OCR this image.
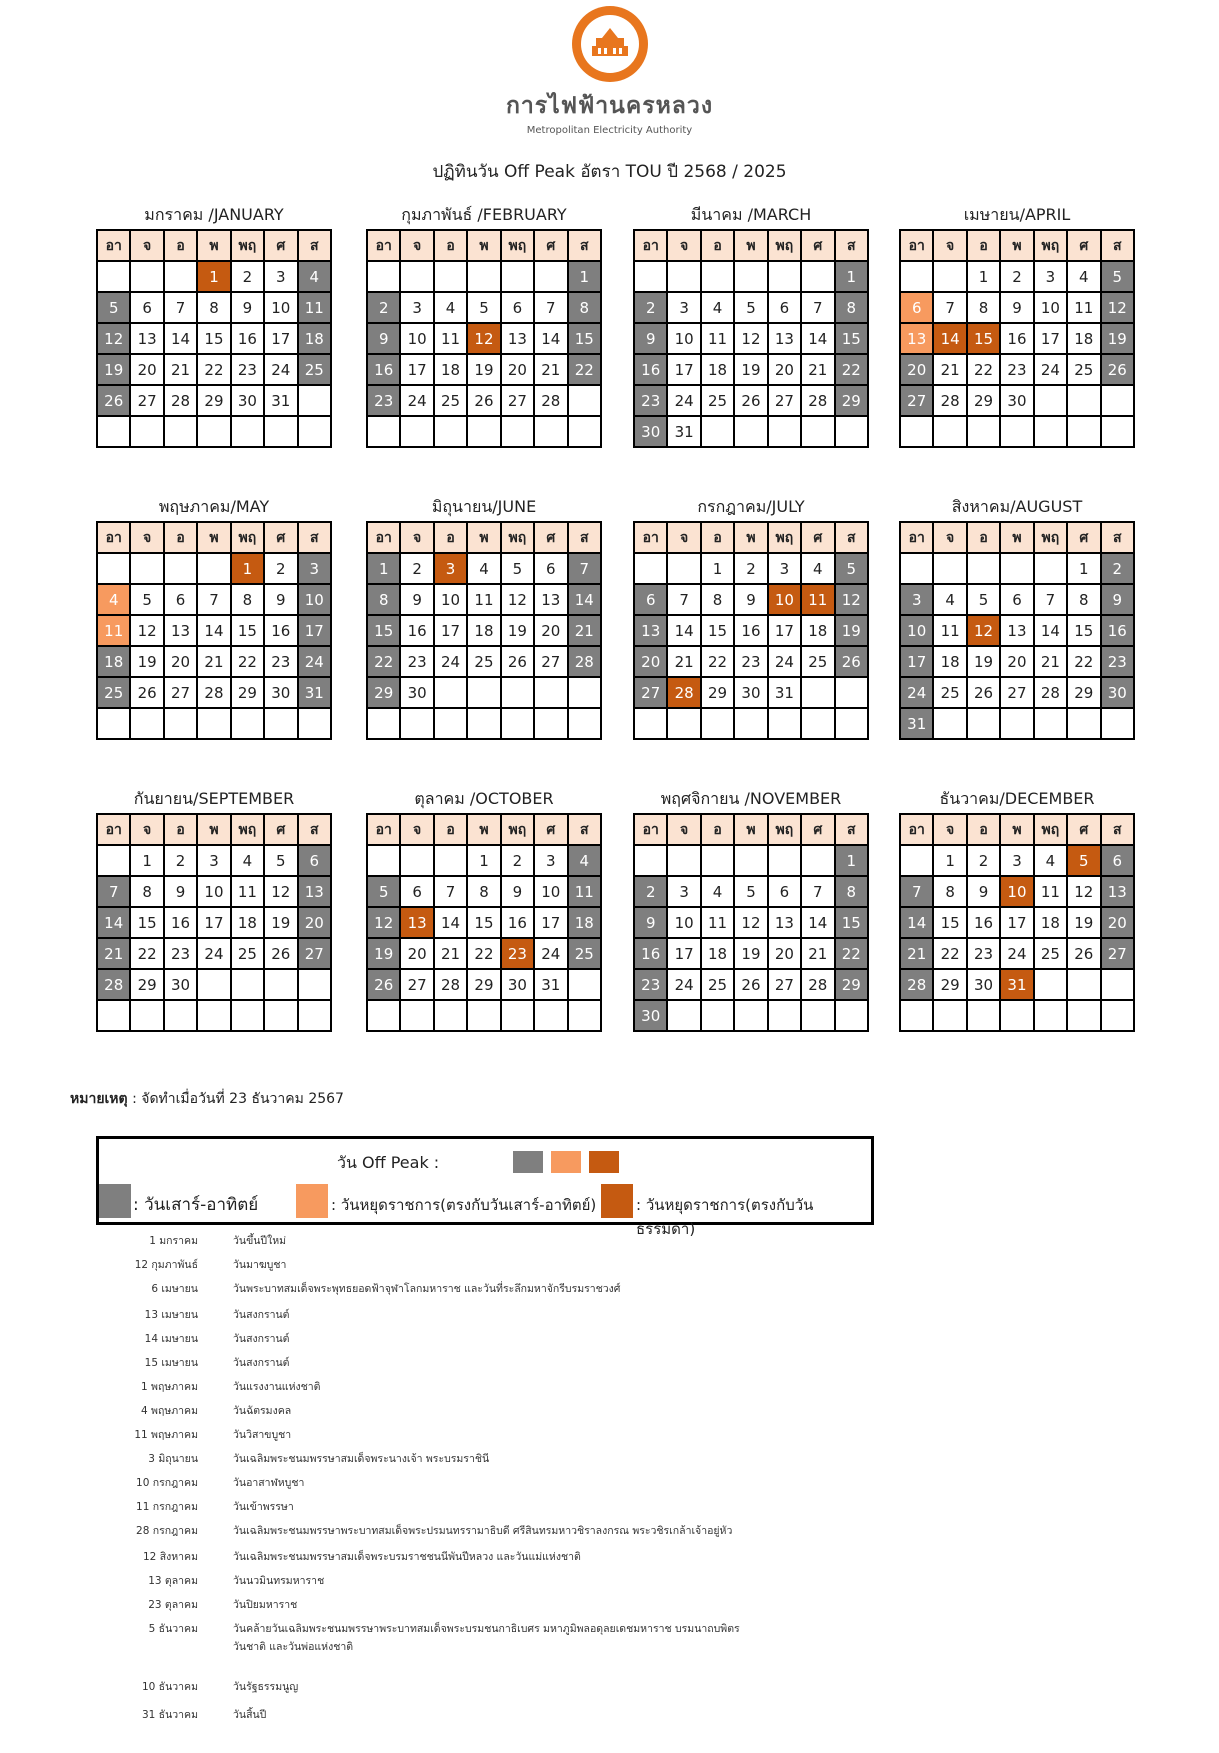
การไฟฟ้านครหลวง
Metropolitan Electricity Authority
ปฏิทินวัน Off Peak อัตรา TOU ปี 2568 / 2025
มกราคม /JANUARY
อา	จ	อ	พ	พฤ	ศ	ส
			1	2	3	4
5	6	7	8	9	10	11
12	13	14	15	16	17	18
19	20	21	22	23	24	25
26	27	28	29	30	31	

กุมภาพันธ์ /FEBRUARY
อา	จ	อ	พ	พฤ	ศ	ส
						1
2	3	4	5	6	7	8
9	10	11	12	13	14	15
16	17	18	19	20	21	22
23	24	25	26	27	28	

มีนาคม /MARCH
อา	จ	อ	พ	พฤ	ศ	ส
						1
2	3	4	5	6	7	8
9	10	11	12	13	14	15
16	17	18	19	20	21	22
23	24	25	26	27	28	29
30	31					
เมษายน/APRIL
อา	จ	อ	พ	พฤ	ศ	ส
		1	2	3	4	5
6	7	8	9	10	11	12
13	14	15	16	17	18	19
20	21	22	23	24	25	26
27	28	29	30			

พฤษภาคม/MAY
อา	จ	อ	พ	พฤ	ศ	ส
				1	2	3
4	5	6	7	8	9	10
11	12	13	14	15	16	17
18	19	20	21	22	23	24
25	26	27	28	29	30	31

มิถุนายน/JUNE
อา	จ	อ	พ	พฤ	ศ	ส
1	2	3	4	5	6	7
8	9	10	11	12	13	14
15	16	17	18	19	20	21
22	23	24	25	26	27	28
29	30					

กรกฎาคม/JULY
อา	จ	อ	พ	พฤ	ศ	ส
		1	2	3	4	5
6	7	8	9	10	11	12
13	14	15	16	17	18	19
20	21	22	23	24	25	26
27	28	29	30	31		

สิงหาคม/AUGUST
อา	จ	อ	พ	พฤ	ศ	ส
					1	2
3	4	5	6	7	8	9
10	11	12	13	14	15	16
17	18	19	20	21	22	23
24	25	26	27	28	29	30
31						
กันยายน/SEPTEMBER
อา	จ	อ	พ	พฤ	ศ	ส
	1	2	3	4	5	6
7	8	9	10	11	12	13
14	15	16	17	18	19	20
21	22	23	24	25	26	27
28	29	30				

ตุลาคม /OCTOBER
อา	จ	อ	พ	พฤ	ศ	ส
			1	2	3	4
5	6	7	8	9	10	11
12	13	14	15	16	17	18
19	20	21	22	23	24	25
26	27	28	29	30	31	

พฤศจิกายน /NOVEMBER
อา	จ	อ	พ	พฤ	ศ	ส
						1
2	3	4	5	6	7	8
9	10	11	12	13	14	15
16	17	18	19	20	21	22
23	24	25	26	27	28	29
30						
ธันวาคม/DECEMBER
อา	จ	อ	พ	พฤ	ศ	ส
	1	2	3	4	5	6
7	8	9	10	11	12	13
14	15	16	17	18	19	20
21	22	23	24	25	26	27
28	29	30	31			

หมายเหตุ : จัดทำเมื่อวันที่ 23 ธันวาคม 2567
วัน Off Peak :
: วันเสาร์-อาทิตย์	: วันหยุดราชการ(ตรงกับวันเสาร์-อาทิตย์)	: วันหยุดราชการ(ตรงกับวันธรรมดา)
1 มกราคม	วันขึ้นปีใหม่
12 กุมภาพันธ์	วันมาฆบูชา
6 เมษายน	วันพระบาทสมเด็จพระพุทธยอดฟ้าจุฬาโลกมหาราช และวันที่ระลึกมหาจักรีบรมราชวงศ์
13 เมษายน	วันสงกรานต์
14 เมษายน	วันสงกรานต์
15 เมษายน	วันสงกรานต์
1 พฤษภาคม	วันแรงงานแห่งชาติ
4 พฤษภาคม	วันฉัตรมงคล
11 พฤษภาคม	วันวิสาขบูชา
3 มิถุนายน	วันเฉลิมพระชนมพรรษาสมเด็จพระนางเจ้า พระบรมราชินี
10 กรกฎาคม	วันอาสาฬหบูชา
11 กรกฎาคม	วันเข้าพรรษา
28 กรกฎาคม	วันเฉลิมพระชนมพรรษาพระบาทสมเด็จพระปรมนทรรามาธิบดี ศรีสินทรมหาวชิราลงกรณ พระวชิรเกล้าเจ้าอยู่หัว
12 สิงหาคม	วันเฉลิมพระชนมพรรษาสมเด็จพระบรมราชชนนีพันปีหลวง และวันแม่แห่งชาติ
13 ตุลาคม	วันนวมินทรมหาราช
23 ตุลาคม	วันปิยมหาราช
5 ธันวาคม	วันคล้ายวันเฉลิมพระชนมพรรษาพระบาทสมเด็จพระบรมชนกาธิเบศร มหาภูมิพลอดุลยเดชมหาราช บรมนาถบพิตร
วันชาติ และวันพ่อแห่งชาติ
10 ธันวาคม	วันรัฐธรรมนูญ
31 ธันวาคม	วันสิ้นปี
